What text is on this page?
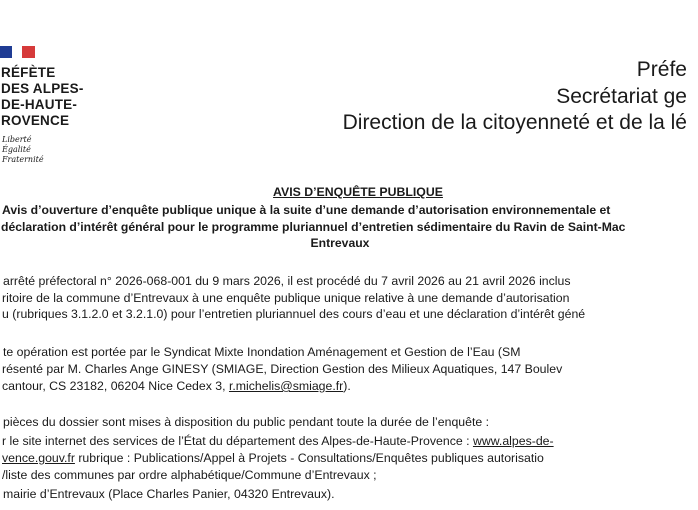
RÉFÈTE
DES ALPES-
DE-HAUTE-
ROVENCE
Liberté
Égalité
Fraternité
Préfe
Secrétariat ge
Direction de la citoyenneté et de la lé
AVIS D’ENQUÊTE PUBLIQUE
Avis d’ouverture d’enquête publique unique à la suite d’une demande d’autorisation environnementale et
déclaration d’intérêt général pour le programme pluriannuel d’entretien sédimentaire du Ravin de Saint-Mac
Entrevaux
arrêté préfectoral n° 2026-068-001 du 9 mars 2026, il est procédé du 7 avril 2026 au 21 avril 2026 inclus
ritoire de la commune d’Entrevaux à une enquête publique unique relative à une demande d’autorisation
u (rubriques 3.1.2.0 et 3.2.1.0) pour l’entretien pluriannuel des cours d’eau et une déclaration d’intérêt géné
te opération est portée par le Syndicat Mixte Inondation Aménagement et Gestion de l’Eau (SM
résenté par M. Charles Ange GINESY (SMIAGE, Direction Gestion des Milieux Aquatiques, 147 Boulev
cantour, CS 23182, 06204 Nice Cedex 3, r.michelis@smiage.fr).
pièces du dossier sont mises à disposition du public pendant toute la durée de l’enquête :
r le site internet des services de l’État du département des Alpes-de-Haute-Provence : www.alpes-de-
vence.gouv.fr rubrique : Publications/Appel à Projets - Consultations/Enquêtes publiques autorisatio
/liste des communes par ordre alphabétique/Commune d’Entrevaux ;
mairie d’Entrevaux (Place Charles Panier, 04320 Entrevaux).
